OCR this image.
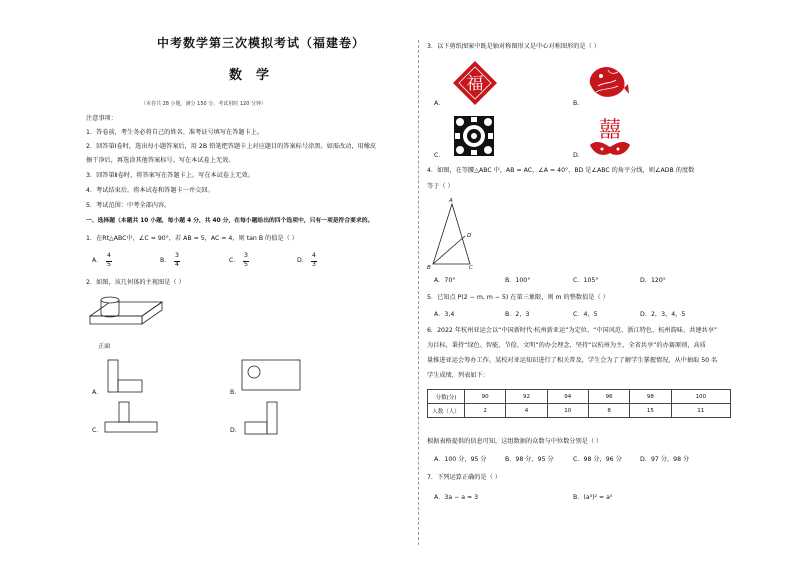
中考数学第三次模拟考试（福建卷）
数学
（本卷共 28 小题，满分 150 分，考试用时 120 分钟）
注意事项：
1．答卷前，考生务必将自己的姓名、准考证号填写在答题卡上。
2．回答第Ⅰ卷时，选出每小题答案后，用 2B 铅笔把答题卡上对应题目的答案标号涂黑。如需改动，用橡皮
擦干净后，再选涂其他答案标号。写在本试卷上无效。
3．回答第Ⅱ卷时，将答案写在答题卡上。写在本试卷上无效。
4．考试结束后，将本试卷和答题卡一并交回。
5．考试范围：中考全部内容。
一、选择题（本题共 10 小题，每小题 4 分，共 40 分，在每小题给出的四个选项中，只有一项是符合要求的。
1．在Rt△ABC中，∠C = 90°，若 AB = 5，AC = 4，则 tan B 的值是（ ）
A．
4
5
B．
3
4
C．
3
5
D．
4
3
2．如图，该几何体的主视图是（ ）
正面
A．	B．
C．	D．
3．以下剪纸图案中既是轴对称图形又是中心对称图形的是（ ）
福
A．	B．
C．
囍
D．
4．如图，在等腰△ABC 中，AB = AC，∠A = 40°，BD 是∠ABC 的角平分线，则∠ADB 的度数
等于（ ）
A
B	C
D
A．70°	B．100°	C．105°	D．120°
5．已知点 P(2 − m, m − 5) 在第三象限，则 m 的整数值是（ ）
A．3,4	B．2，3	C．4，5	D．2，3，4，5
6．2022 年杭州亚运会以“中国新时代·杭州新亚运”为定位、“中国风范、浙江特色、杭州韵味、共建共享”
为目标，秉持“绿色、智能、节俭、文明”的办会理念，坚持“以杭州为主，全省共享”的办赛原则，高质
量推进亚运会筹办工作。某校对亚运知识进行了相关普及，学生会为了了解学生掌握情况，从中抽取 50 名
学生成绩，列表如下：
分数(分)	90	92	94	96	98	100
人数（人）	2	4	10	8	15	11
根据表格提供的信息可知，这组数据的众数与中位数分别是（ ）
A．100 分，95 分	B．98 分，95 分	C．98 分，96 分	D．97 分，98 分
7．下列运算正确的是（ ）
A．3a − a = 3	B．(a³)² = a⁵
